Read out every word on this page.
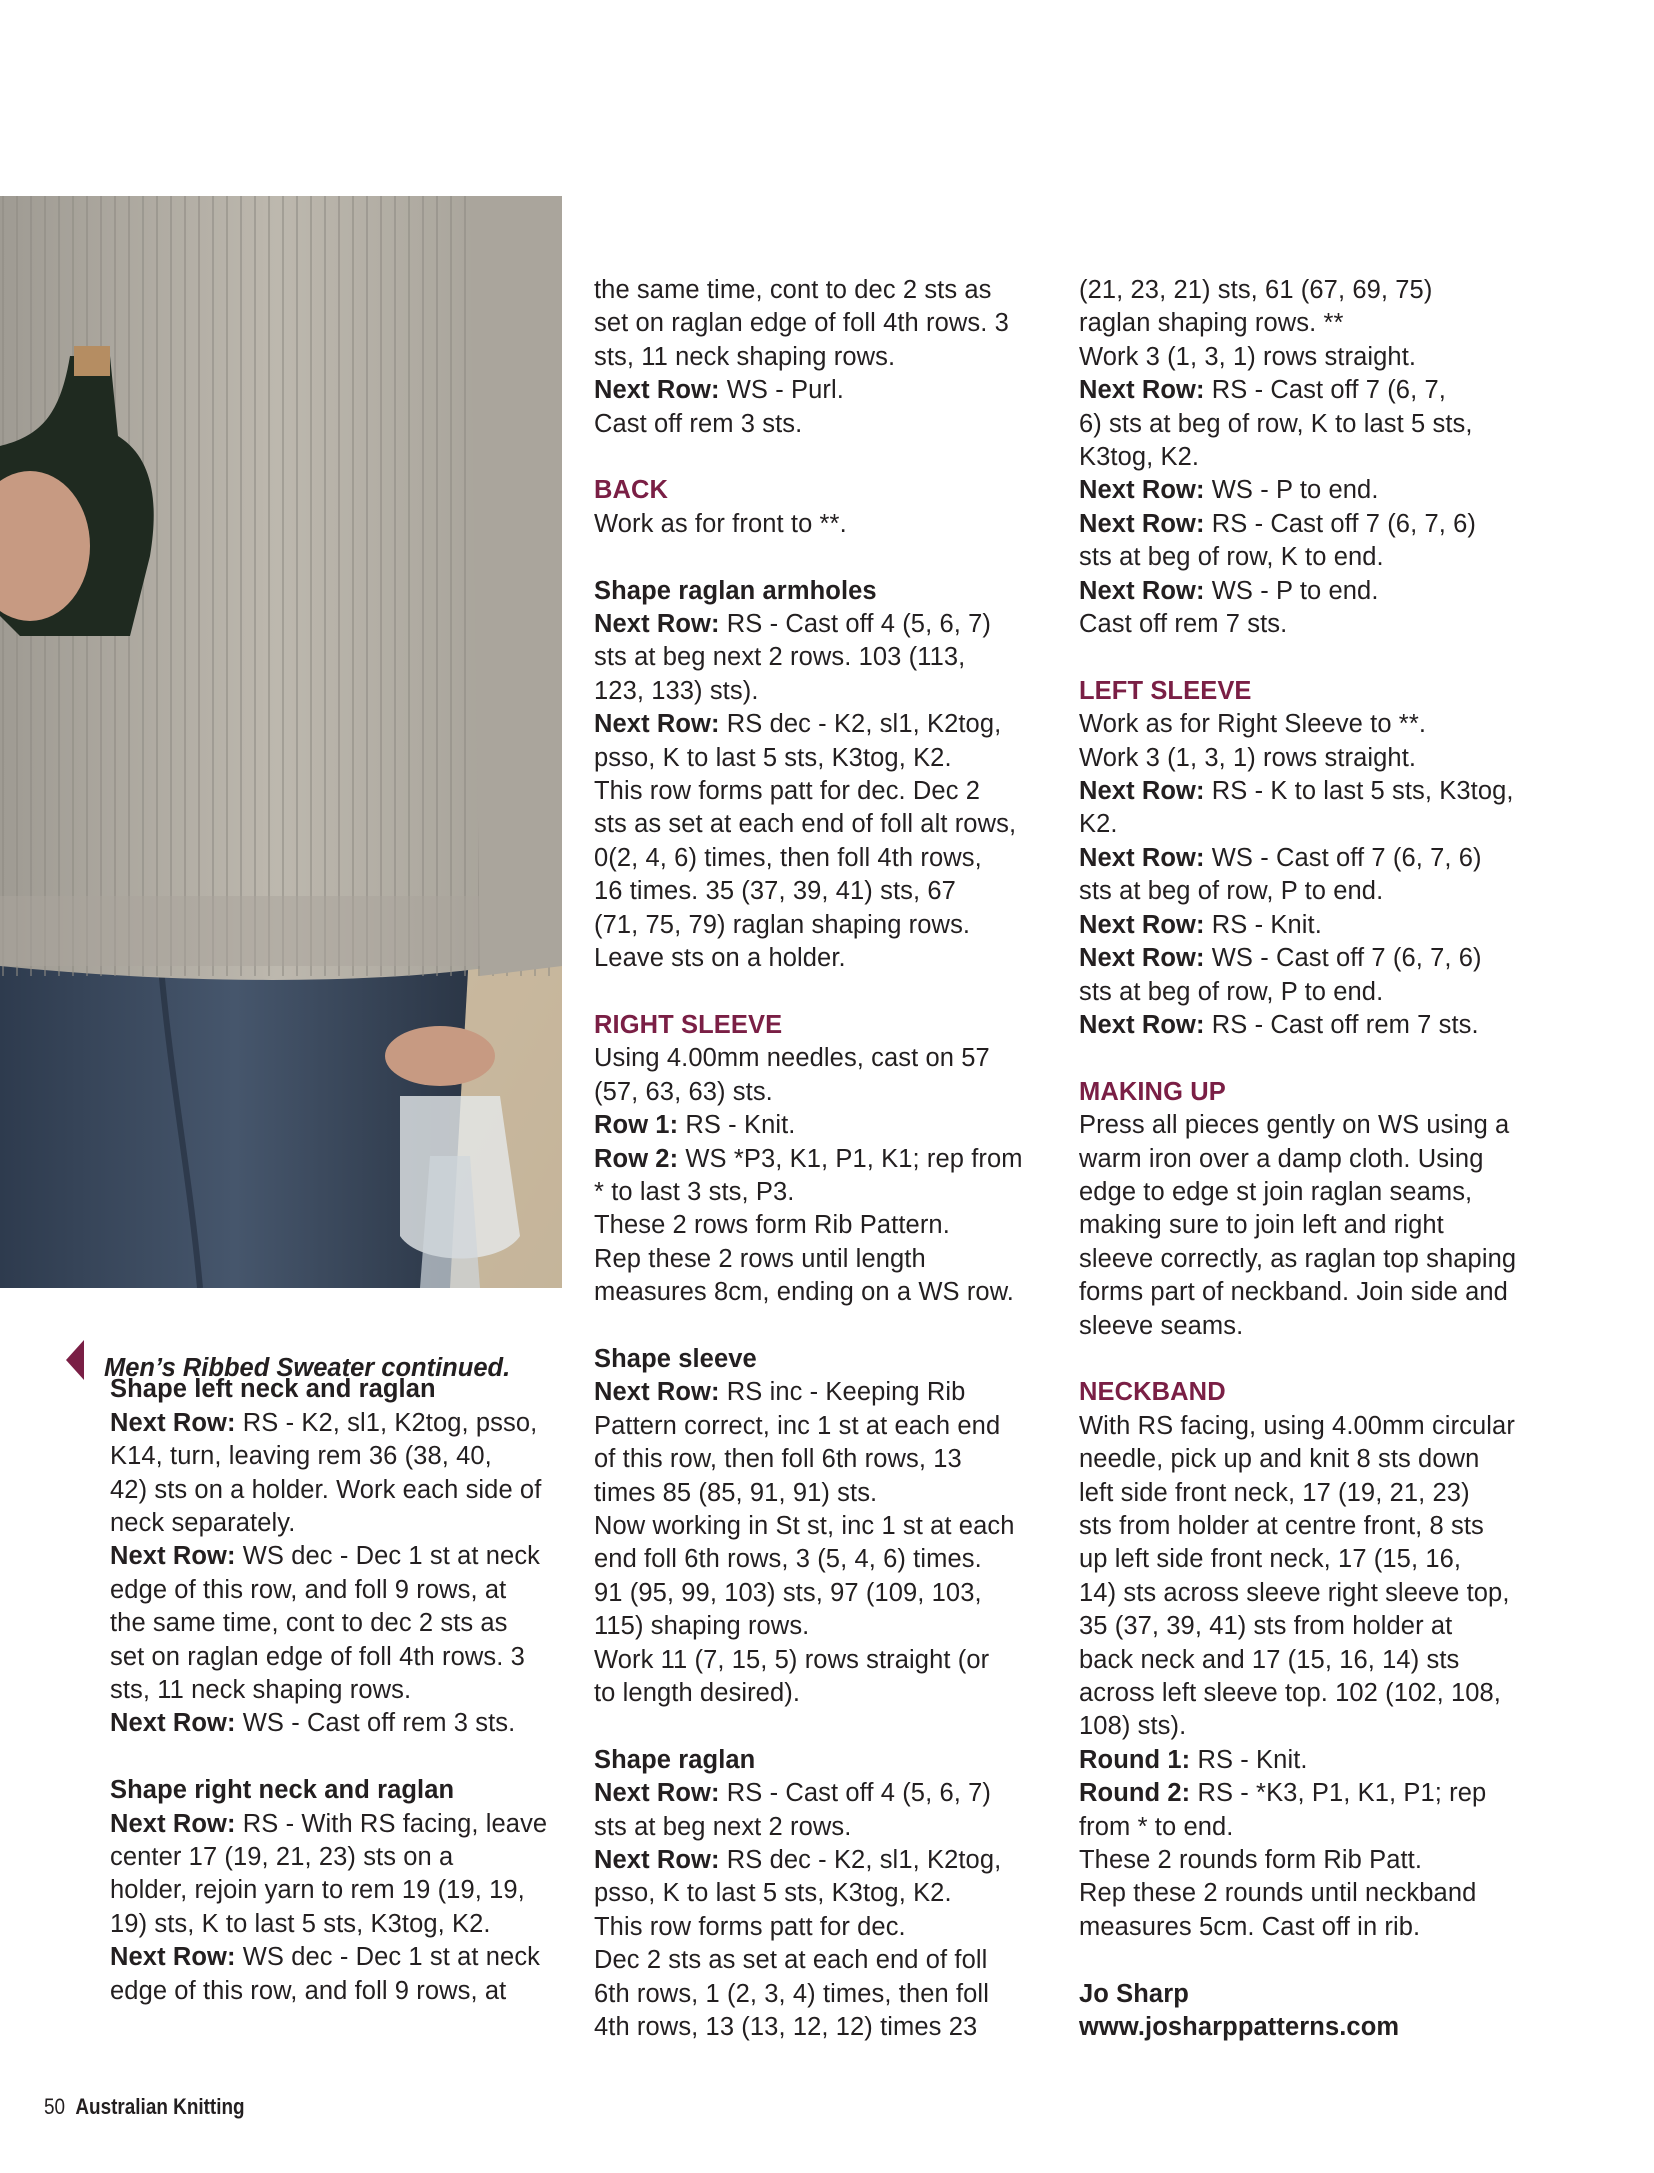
Men’s Ribbed Sweater continued.
Shape left neck and raglan
Next Row: RS - K2, sl1, K2tog, psso,
K14, turn, leaving rem 36 (38, 40,
42) sts on a holder. Work each side of
neck separately.
Next Row: WS dec - Dec 1 st at neck
edge of this row, and foll 9 rows, at
the same time, cont to dec 2 sts as
set on raglan edge of foll 4th rows. 3
sts, 11 neck shaping rows.
Next Row: WS - Cast off rem 3 sts.
Shape right neck and raglan
Next Row: RS - With RS facing, leave
center 17 (19, 21, 23) sts on a
holder, rejoin yarn to rem 19 (19, 19,
19) sts, K to last 5 sts, K3tog, K2.
Next Row: WS dec - Dec 1 st at neck
edge of this row, and foll 9 rows, at
the same time, cont to dec 2 sts as
set on raglan edge of foll 4th rows. 3
sts, 11 neck shaping rows.
Next Row: WS - Purl.
Cast off rem 3 sts.
BACK
Work as for front to **.
Shape raglan armholes
Next Row: RS - Cast off 4 (5, 6, 7)
sts at beg next 2 rows. 103 (113,
123, 133) sts).
Next Row: RS dec - K2, sl1, K2tog,
psso, K to last 5 sts, K3tog, K2.
This row forms patt for dec. Dec 2
sts as set at each end of foll alt rows,
0(2, 4, 6) times, then foll 4th rows,
16 times. 35 (37, 39, 41) sts, 67
(71, 75, 79) raglan shaping rows.
Leave sts on a holder.
RIGHT SLEEVE
Using 4.00mm needles, cast on 57
(57, 63, 63) sts.
Row 1: RS - Knit.
Row 2: WS *P3, K1, P1, K1; rep from
* to last 3 sts, P3.
These 2 rows form Rib Pattern.
Rep these 2 rows until length
measures 8cm, ending on a WS row.
Shape sleeve
Next Row: RS inc - Keeping Rib
Pattern correct, inc 1 st at each end
of this row, then foll 6th rows, 13
times 85 (85, 91, 91) sts.
Now working in St st, inc 1 st at each
end foll 6th rows, 3 (5, 4, 6) times.
91 (95, 99, 103) sts, 97 (109, 103,
115) shaping rows.
Work 11 (7, 15, 5) rows straight (or
to length desired).
Shape raglan
Next Row: RS - Cast off 4 (5, 6, 7)
sts at beg next 2 rows.
Next Row: RS dec - K2, sl1, K2tog,
psso, K to last 5 sts, K3tog, K2.
This row forms patt for dec.
Dec 2 sts as set at each end of foll
6th rows, 1 (2, 3, 4) times, then foll
4th rows, 13 (13, 12, 12) times 23
(21, 23, 21) sts, 61 (67, 69, 75)
raglan shaping rows. **
Work 3 (1, 3, 1) rows straight.
Next Row: RS - Cast off 7 (6, 7,
6) sts at beg of row, K to last 5 sts,
K3tog, K2.
Next Row: WS - P to end.
Next Row: RS - Cast off 7 (6, 7, 6)
sts at beg of row, K to end.
Next Row: WS - P to end.
Cast off rem 7 sts.
LEFT SLEEVE
Work as for Right Sleeve to **.
Work 3 (1, 3, 1) rows straight.
Next Row: RS - K to last 5 sts, K3tog,
K2.
Next Row: WS - Cast off 7 (6, 7, 6)
sts at beg of row, P to end.
Next Row: RS - Knit.
Next Row: WS - Cast off 7 (6, 7, 6)
sts at beg of row, P to end.
Next Row: RS - Cast off rem 7 sts.
MAKING UP
Press all pieces gently on WS using a
warm iron over a damp cloth. Using
edge to edge st join raglan seams,
making sure to join left and right
sleeve correctly, as raglan top shaping
forms part of neckband. Join side and
sleeve seams.
NECKBAND
With RS facing, using 4.00mm circular
needle, pick up and knit 8 sts down
left side front neck, 17 (19, 21, 23)
sts from holder at centre front, 8 sts
up left side front neck, 17 (15, 16,
14) sts across sleeve right sleeve top,
35 (37, 39, 41) sts from holder at
back neck and 17 (15, 16, 14) sts
across left sleeve top. 102 (102, 108,
108) sts).
Round 1: RS - Knit.
Round 2: RS - *K3, P1, K1, P1; rep
from * to end.
These 2 rounds form Rib Patt.
Rep these 2 rounds until neckband
measures 5cm. Cast off in rib.
Jo Sharp
www.josharppatterns.com
50 Australian Knitting
